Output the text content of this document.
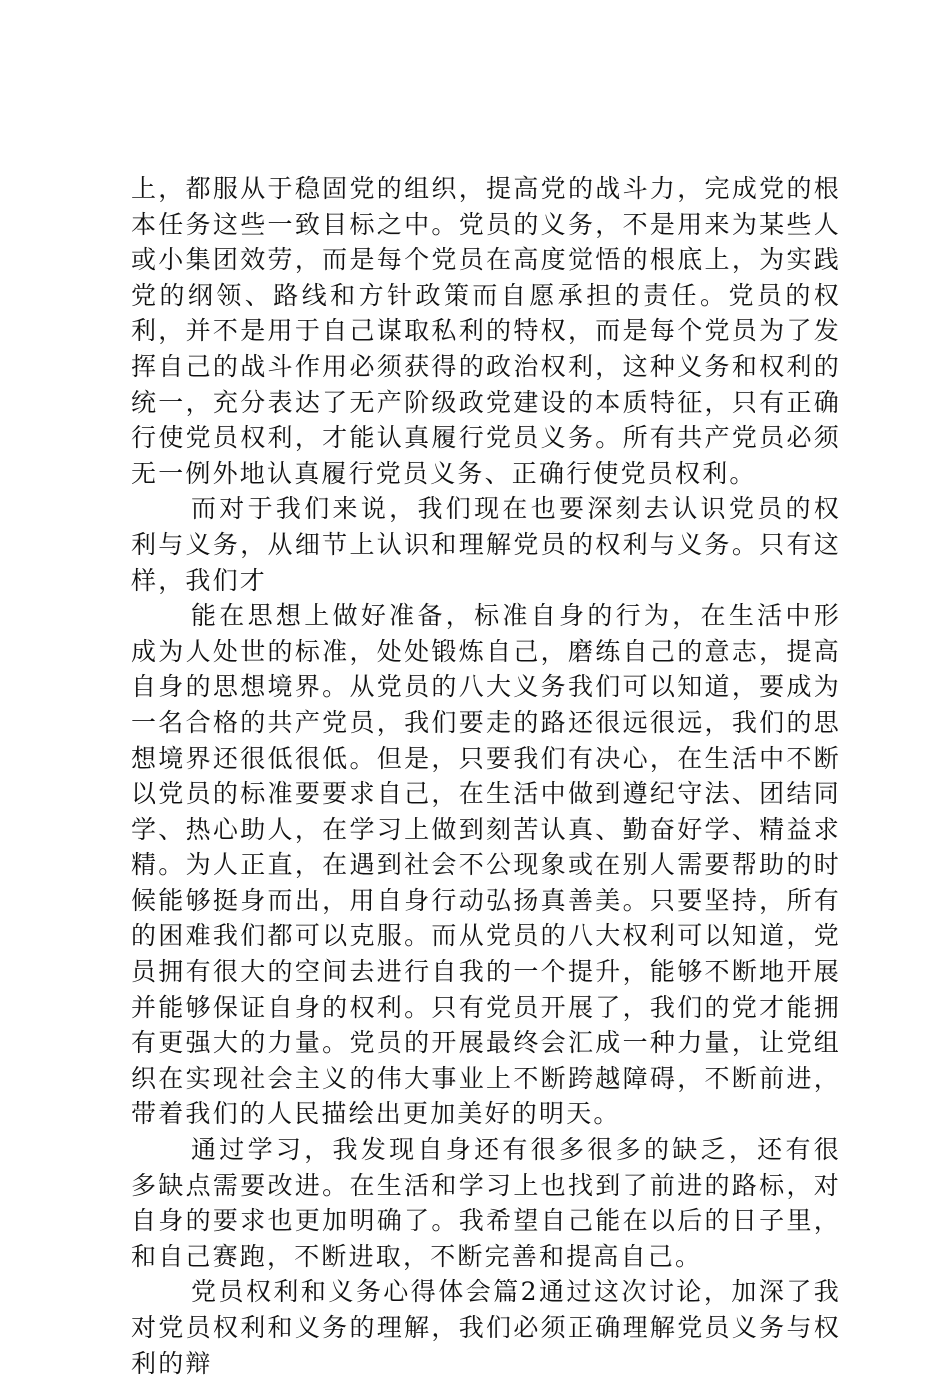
上，都服从于稳固党的组织，提高党的战斗力，完成党的根本任务这些一致目标之中。党员的义务，不是用来为某些人或小集团效劳，而是每个党员在高度觉悟的根底上，为实践党的纲领、路线和方针政策而自愿承担的责任。党员的权利，并不是用于自己谋取私利的特权，而是每个党员为了发挥自己的战斗作用必须获得的政治权利，这种义务和权利的统一，充分表达了无产阶级政党建设的本质特征，只有正确行使党员权利，才能认真履行党员义务。所有共产党员必须无一例外地认真履行党员义务、正确行使党员权利。

而对于我们来说，我们现在也要深刻去认识党员的权利与义务，从细节上认识和理解党员的权利与义务。只有这样，我们才

能在思想上做好准备，标准自身的行为，在生活中形成为人处世的标准，处处锻炼自己，磨练自己的意志，提高自身的思想境界。从党员的八大义务我们可以知道，要成为一名合格的共产党员，我们要走的路还很远很远，我们的思想境界还很低很低。但是，只要我们有决心，在生活中不断以党员的标准要要求自己，在生活中做到遵纪守法、团结同学、热心助人，在学习上做到刻苦认真、勤奋好学、精益求精。为人正直，在遇到社会不公现象或在别人需要帮助的时候能够挺身而出，用自身行动弘扬真善美。只要坚持，所有的困难我们都可以克服。而从党员的八大权利可以知道，党员拥有很大的空间去进行自我的一个提升，能够不断地开展并能够保证自身的权利。只有党员开展了，我们的党才能拥有更强大的力量。党员的开展最终会汇成一种力量，让党组织在实现社会主义的伟大事业上不断跨越障碍，不断前进，带着我们的人民描绘出更加美好的明天。

通过学习，我发现自身还有很多很多的缺乏，还有很多缺点需要改进。在生活和学习上也找到了前进的路标，对自身的要求也更加明确了。我希望自己能在以后的日子里，和自己赛跑，不断进取，不断完善和提高自己。

党员权利和义务心得体会篇2通过这次讨论，加深了我对党员权利和义务的理解，我们必须正确理解党员义务与权利的辩
